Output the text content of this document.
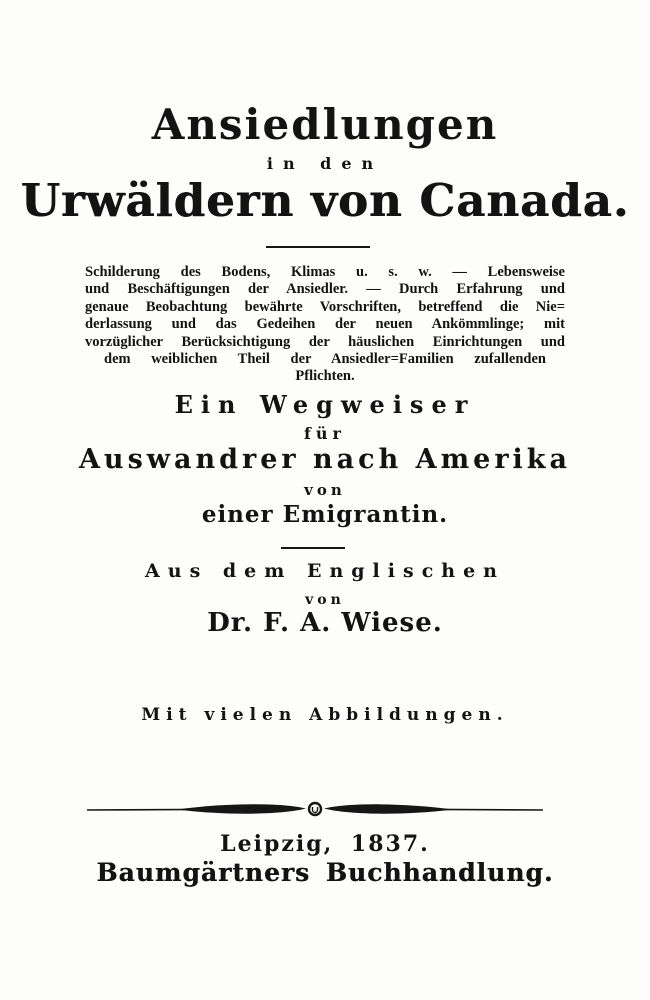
Ansiedlungen
in den
Urwäldern von Canada.
Schilderung des Bodens, Klimas u. s. w. — Lebensweise
und Beschäftigungen der Ansiedler. — Durch Erfahrung und
genaue Beobachtung bewährte Vorschriften, betreffend die Nie=
derlassung und das Gedeihen der neuen Ankömmlinge; mit
vorzüglicher Berücksichtigung der häuslichen Einrichtungen und
dem weiblichen Theil der Ansiedler=Familien zufallenden
Pflichten.
Ein Wegweiser
für
Auswandrer nach Amerika
von
einer Emigrantin.
Aus dem Englischen
von
Dr. F. A. Wiese.
Mit vielen Abbildungen.
Leipzig, 1837.
Baumgärtners Buchhandlung.
